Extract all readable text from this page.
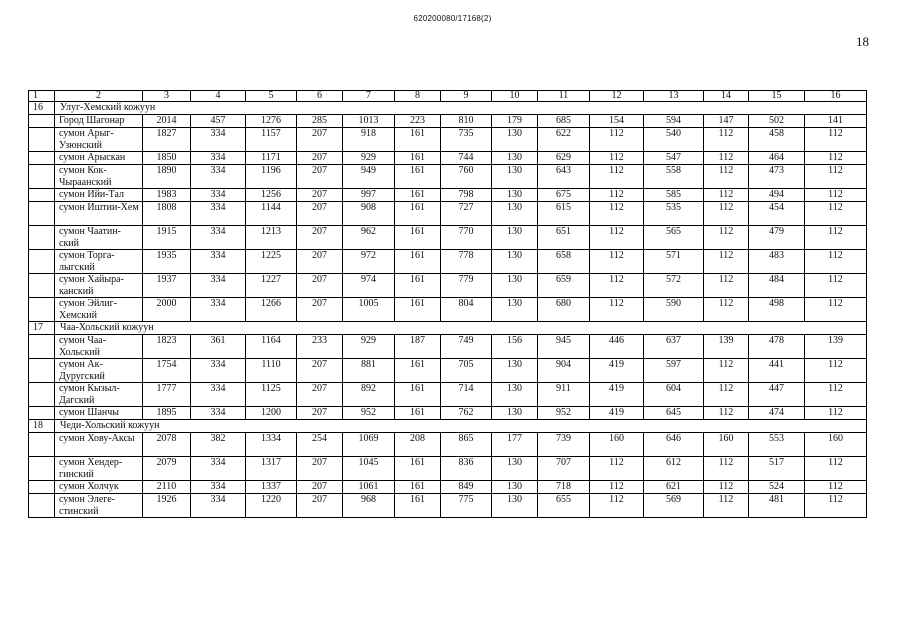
620200080/17168(2)
18
1	2	3	4	5	6	7	8	9	10	11	12	13	14	15	16
16	Улуг-Хемский кожуун														
	Город Шагонар	2014	457	1276	285	1013	223	810	179	685	154	594	147	502	141
	сумон Арыг-Узюнский	1827	334	1157	207	918	161	735	130	622	112	540	112	458	112
	сумон Арыскан	1850	334	1171	207	929	161	744	130	629	112	547	112	464	112
	сумон Кок-Чыраанский	1890	334	1196	207	949	161	760	130	643	112	558	112	473	112
	сумон Ийи-Тал	1983	334	1256	207	997	161	798	130	675	112	585	112	494	112
	сумон Иштии-Хем	1808	334	1144	207	908	161	727	130	615	112	535	112	454	112
	сумон Чаатин-ский	1915	334	1213	207	962	161	770	130	651	112	565	112	479	112
	сумон Торга-лыгский	1935	334	1225	207	972	161	778	130	658	112	571	112	483	112
	сумон Хайыра-канский	1937	334	1227	207	974	161	779	130	659	112	572	112	484	112
	сумон Эйлиг-Хемский	2000	334	1266	207	1005	161	804	130	680	112	590	112	498	112
17	Чаа-Хольский кожуун														
	сумон Чаа-Хольский	1823	361	1164	233	929	187	749	156	945	446	637	139	478	139
	сумон Ак-Дуругский	1754	334	1110	207	881	161	705	130	904	419	597	112	441	112
	сумон Кызыл-Дагский	1777	334	1125	207	892	161	714	130	911	419	604	112	447	112
	сумон Шанчы	1895	334	1200	207	952	161	762	130	952	419	645	112	474	112
18	Чеди-Хольский кожуун														
	сумон Хову-Аксы	2078	382	1334	254	1069	208	865	177	739	160	646	160	553	160
	сумон Хендер-гинский	2079	334	1317	207	1045	161	836	130	707	112	612	112	517	112
	сумон Холчук	2110	334	1337	207	1061	161	849	130	718	112	621	112	524	112
	сумон Элеге-стинский	1926	334	1220	207	968	161	775	130	655	112	569	112	481	112
